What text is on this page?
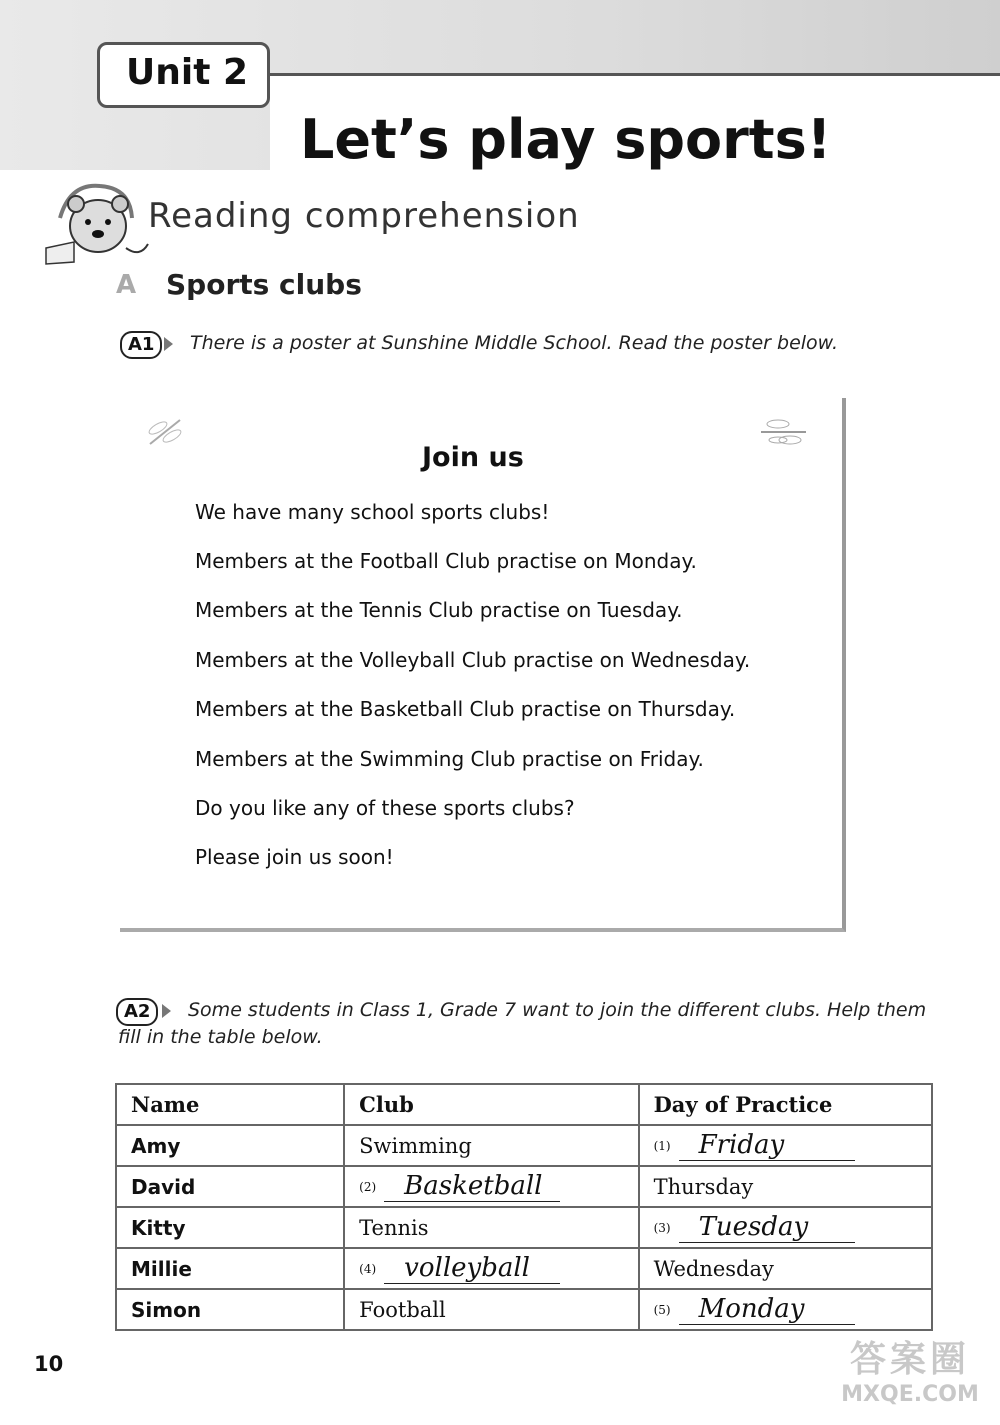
Unit 2
Let’s play sports!
Reading comprehension
A Sports clubs
A1	There is a poster at Sunshine Middle School. Read the poster below.
Join us
We have many school sports clubs!
Members at the Football Club practise on Monday.
Members at the Tennis Club practise on Tuesday.
Members at the Volleyball Club practise on Wednesday.
Members at the Basketball Club practise on Thursday.
Members at the Swimming Club practise on Friday.
Do you like any of these sports clubs?
Please join us soon!
A2	Some students in Class 1, Grade 7 want to join the different clubs. Help them
fill in the table below.
Name	Club	Day of Practice
Amy	Swimming	(1) Friday
David	(2) Basketball	Thursday
Kitty	Tennis	(3) Tuesday
Millie	(4) volleyball	Wednesday
Simon	Football	(5) Monday
10	答案圈
MXQE.COM
